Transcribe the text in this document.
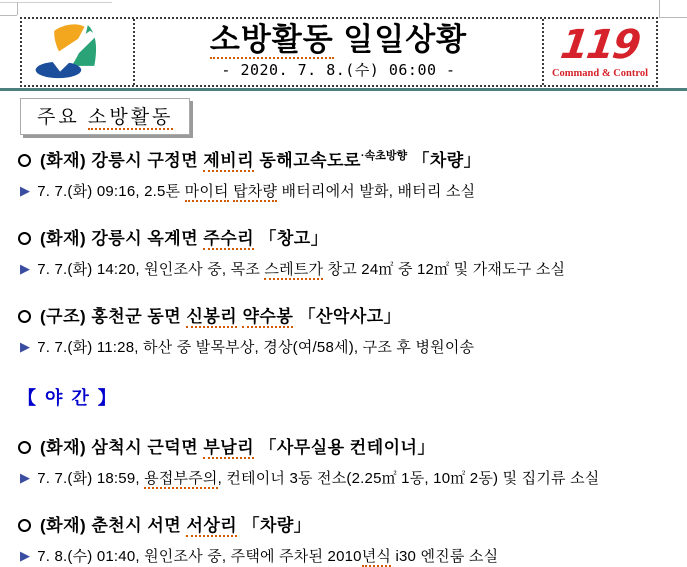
소방활동 일일상황
- 2020. 7. 8.(수) 06:00 -
119
Command & Control
주요 소방활동
(화재) 강릉시 구정면 제비리 동해고속도로$^{\cdot 속초방향}$ 「차량」
▶ 7. 7.(화) 09:16, 2.5톤 마이티 탑차량 배터리에서 발화, 배터리 소실
(화재) 강릉시 옥계면 주수리 「창고」
▶ 7. 7.(화) 14:20, 원인조사 중, 목조 스레트가 창고 24㎡ 중 12㎡ 및 가재도구 소실
(구조) 홍천군 동면 신봉리 약수봉 「산악사고」
▶ 7. 7.(화) 11:28, 하산 중 발목부상, 경상(여/58세), 구조 후 병원이송
【 야 간 】
(화재) 삼척시 근덕면 부남리 「사무실용 컨테이너」
▶ 7. 7.(화) 18:59, 용접부주의, 컨테이너 3동 전소(2.25㎡ 1동, 10㎡ 2동) 및 집기류 소실
(화재) 춘천시 서면 서상리 「차량」
▶ 7. 8.(수) 01:40, 원인조사 중, 주택에 주차된 2010년식 i30 엔진룸 소실
